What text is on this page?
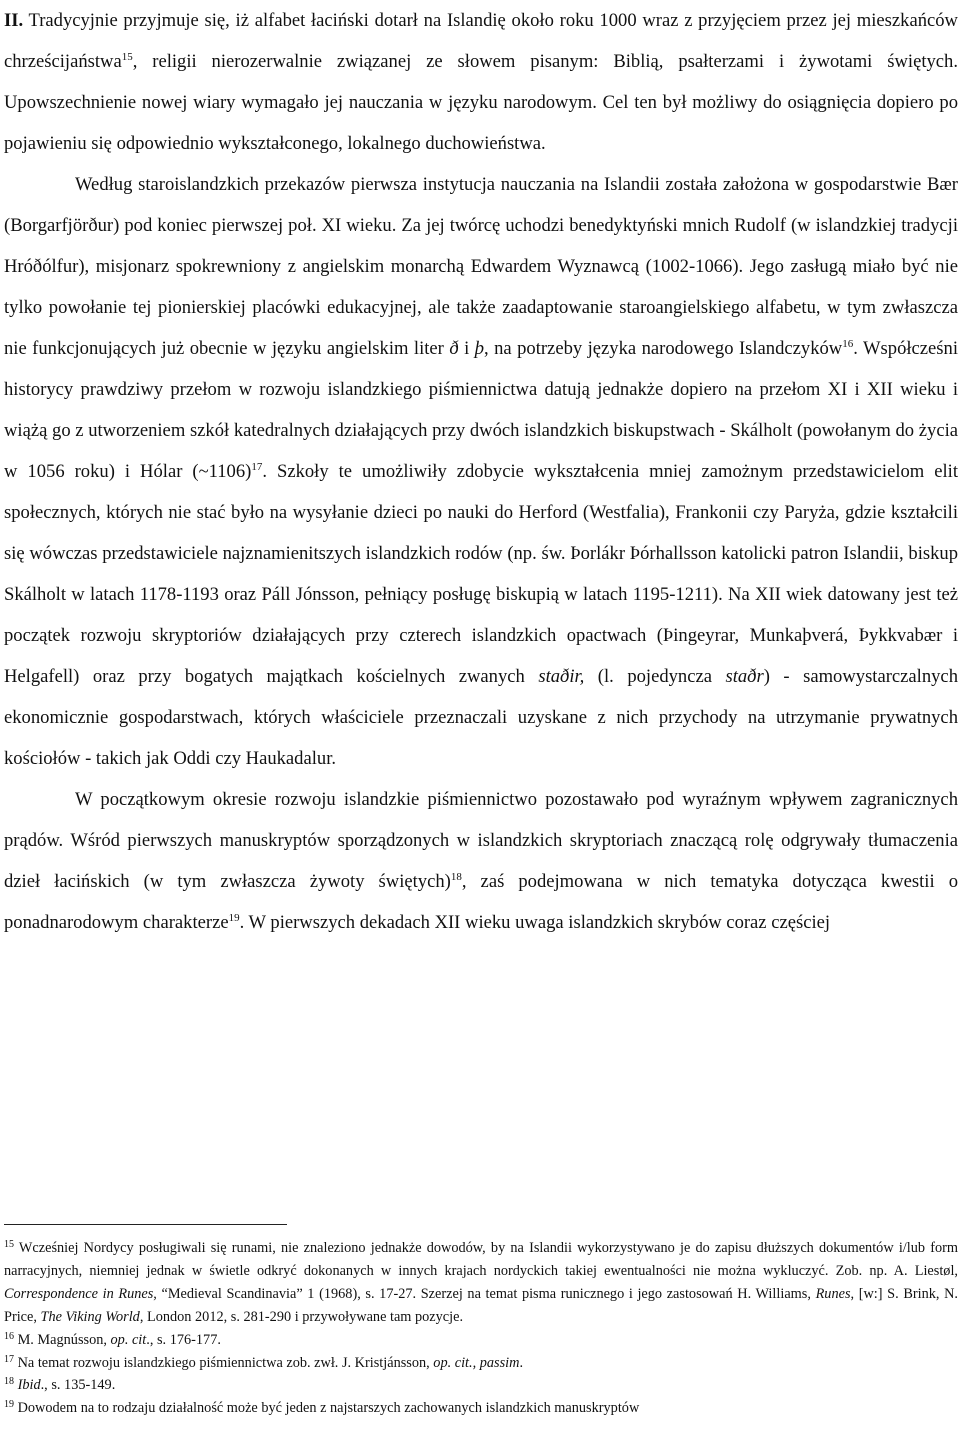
II. Tradycyjnie przyjmuje się, iż alfabet łaciński dotarł na Islandię około roku 1000 wraz z przyjęciem przez jej mieszkańców chrześcijaństwa$^{15}$, religii nierozerwalnie związanej ze słowem pisanym: Biblią, psałterzami i żywotami świętych. Upowszechnienie nowej wiary wymagało jej nauczania w języku narodowym. Cel ten był możliwy do osiągnięcia dopiero po pojawieniu się odpowiednio wykształconego, lokalnego duchowieństwa.

Według staroislandzkich przekazów pierwsza instytucja nauczania na Islandii została założona w gospodarstwie Bær (Borgarfjörður) pod koniec pierwszej poł. XI wieku. Za jej twórcę uchodzi benedyktyński mnich Rudolf (w islandzkiej tradycji Hróðólfur), misjonarz spokrewniony z angielskim monarchą Edwardem Wyznawcą (1002-1066). Jego zasługą miało być nie tylko powołanie tej pionierskiej placówki edukacyjnej, ale także zaadaptowanie staroangielskiego alfabetu, w tym zwłaszcza nie funkcjonujących już obecnie w języku angielskim liter ð i þ, na potrzeby języka narodowego Islandczyków$^{16}$. Współcześni historycy prawdziwy przełom w rozwoju islandzkiego piśmiennictwa datują jednakże dopiero na przełom XI i XII wieku i wiążą go z utworzeniem szkół katedralnych działających przy dwóch islandzkich biskupstwach - Skálholt (powołanym do życia w 1056 roku) i Hólar (~1106)$^{17}$. Szkoły te umożliwiły zdobycie wykształcenia mniej zamożnym przedstawicielom elit społecznych, których nie stać było na wysyłanie dzieci po nauki do Herford (Westfalia), Frankonii czy Paryża, gdzie kształcili się wówczas przedstawiciele najznamienitszych islandzkich rodów (np. św. Þorlákr Þórhallsson katolicki patron Islandii, biskup Skálholt w latach 1178-1193 oraz Páll Jónsson, pełniący posługę biskupią w latach 1195-1211). Na XII wiek datowany jest też początek rozwoju skryptoriów działających przy czterech islandzkich opactwach (Þingeyrar, Munkaþverá, Þykkvabær i Helgafell) oraz przy bogatych majątkach kościelnych zwanych staðir, (l. pojedyncza staðr) - samowystarczalnych ekonomicznie gospodarstwach, których właściciele przeznaczali uzyskane z nich przychody na utrzymanie prywatnych kościołów - takich jak Oddi czy Haukadalur.

W początkowym okresie rozwoju islandzkie piśmiennictwo pozostawało pod wyraźnym wpływem zagranicznych prądów. Wśród pierwszych manuskryptów sporządzonych w islandzkich skryptoriach znaczącą rolę odgrywały tłumaczenia dzieł łacińskich (w tym zwłaszcza żywoty świętych)$^{18}$, zaś podejmowana w nich tematyka dotycząca kwestii o ponadnarodowym charakterze$^{19}$. W pierwszych dekadach XII wieku uwaga islandzkich skrybów coraz częściej

$^{15}$ Wcześniej Nordycy posługiwali się runami, nie znaleziono jednakże dowodów, by na Islandii wykorzystywano je do zapisu dłuższych dokumentów i/lub form narracyjnych, niemniej jednak w świetle odkryć dokonanych w innych krajach nordyckich takiej ewentualności nie można wykluczyć. Zob. np. A. Liestøl, Correspondence in Runes, “Medieval Scandinavia” 1 (1968), s. 17-27. Szerzej na temat pisma runicznego i jego zastosowań H. Williams, Runes, [w:] S. Brink, N. Price, The Viking World, London 2012, s. 281-290 i przywoływane tam pozycje.

$^{16}$ M. Magnússon, op. cit., s. 176-177.

$^{17}$ Na temat rozwoju islandzkiego piśmiennictwa zob. zwł. J. Kristjánsson, op. cit., passim.

$^{18}$ Ibid., s. 135-149.

$^{19}$ Dowodem na to rodzaju działalność może być jeden z najstarszych zachowanych islandzkich manuskryptów
